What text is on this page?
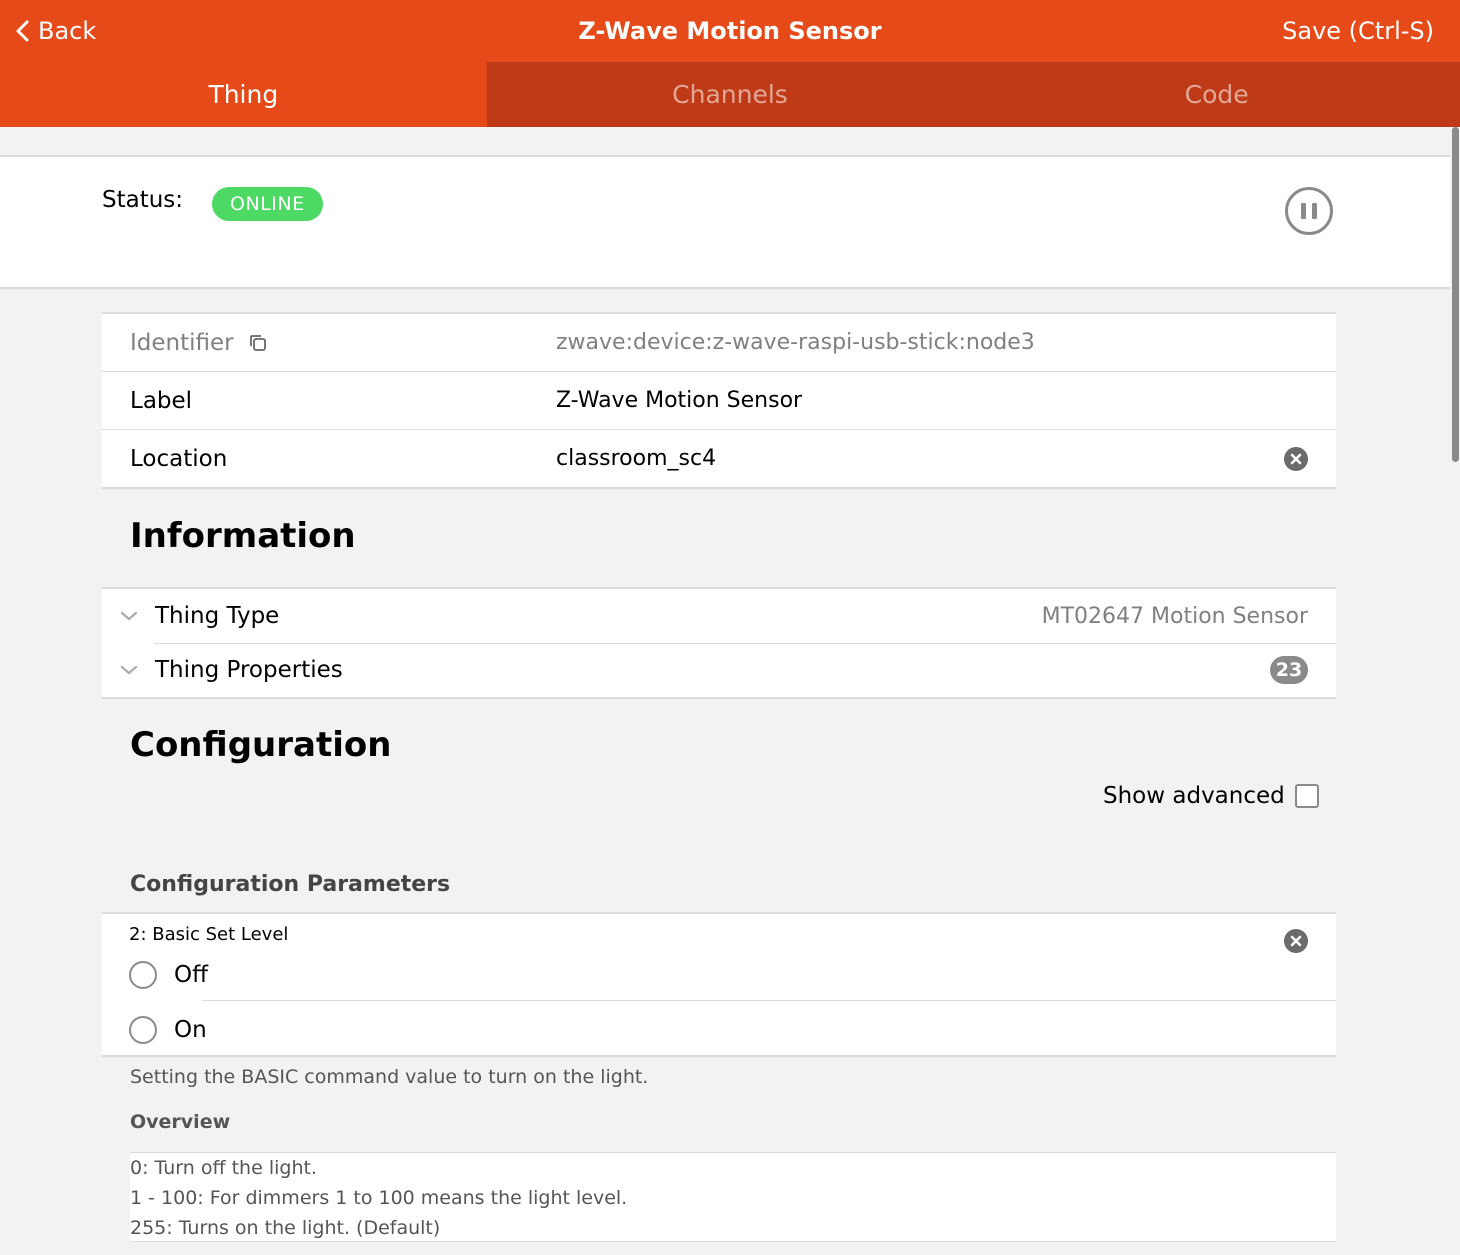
Back	Z-Wave Motion Sensor	Save (Ctrl-S)
Thing	Channels	Code
Status:	ONLINE
Identifier	zwave:device:z-wave-raspi-usb-stick:node3
Label	Z-Wave Motion Sensor
Location	classroom_sc4
Information
Thing Type	MT02647 Motion Sensor
Thing Properties	23
Configuration
Show advanced
Configuration Parameters
2: Basic Set Level
Off
On
Setting the BASIC command value to turn on the light.
Overview
0: Turn off the light.
1 - 100: For dimmers 1 to 100 means the light level.
255: Turns on the light. (Default)
